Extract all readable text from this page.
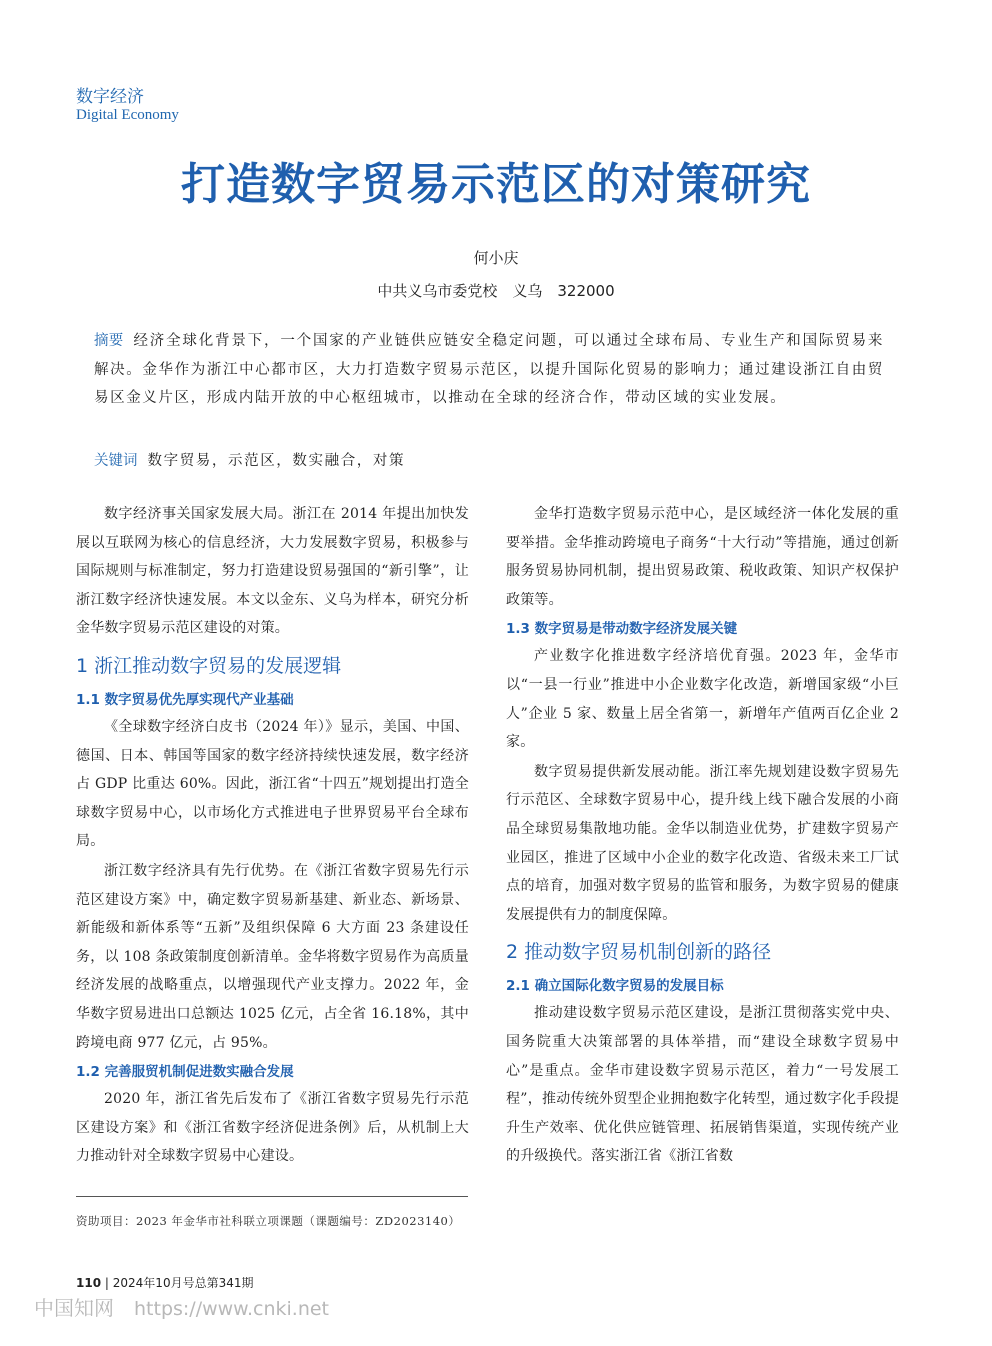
数字经济
Digital Economy
打造数字贸易示范区的对策研究
何小庆
中共义乌市委党校　义乌　322000
摘要 经济全球化背景下，一个国家的产业链供应链安全稳定问题，可以通过全球布局、专业生产和国际贸易来解决。金华作为浙江中心都市区，大力打造数字贸易示范区，以提升国际化贸易的影响力；通过建设浙江自由贸易区金义片区，形成内陆开放的中心枢纽城市，以推动在全球的经济合作，带动区域的实业发展。
关键词 数字贸易，示范区，数实融合，对策

数字经济事关国家发展大局。浙江在 2014 年提出加快发展以互联网为核心的信息经济，大力发展数字贸易，积极参与国际规则与标准制定，努力打造建设贸易强国的“新引擎”，让浙江数字经济快速发展。本文以金东、义乌为样本，研究分析金华数字贸易示范区建设的对策。

1 浙江推动数字贸易的发展逻辑
1.1 数字贸易优先厚实现代产业基础

《全球数字经济白皮书（2024 年）》显示，美国、中国、德国、日本、韩国等国家的数字经济持续快速发展，数字经济占 GDP 比重达 60%。因此，浙江省“十四五”规划提出打造全球数字贸易中心，以市场化方式推进电子世界贸易平台全球布局。

浙江数字经济具有先行优势。在《浙江省数字贸易先行示范区建设方案》中，确定数字贸易新基建、新业态、新场景、新能级和新体系等“五新”及组织保障 6 大方面 23 条建设任务，以 108 条政策制度创新清单。金华将数字贸易作为高质量经济发展的战略重点，以增强现代产业支撑力。2022 年，金华数字贸易进出口总额达 1025 亿元，占全省 16.18%，其中跨境电商 977 亿元，占 95%。

1.2 完善服贸机制促进数实融合发展

2020 年，浙江省先后发布了《浙江省数字贸易先行示范区建设方案》和《浙江省数字经济促进条例》后，从机制上大力推动针对全球数字贸易中心建设。

金华打造数字贸易示范中心，是区域经济一体化发展的重要举措。金华推动跨境电子商务“十大行动”等措施，通过创新服务贸易协同机制，提出贸易政策、税收政策、知识产权保护政策等。

1.3 数字贸易是带动数字经济发展关键

产业数字化推进数字经济培优育强。2023 年，金华市以“一县一行业”推进中小企业数字化改造，新增国家级“小巨人”企业 5 家、数量上居全省第一，新增年产值两百亿企业 2 家。

数字贸易提供新发展动能。浙江率先规划建设数字贸易先行示范区、全球数字贸易中心，提升线上线下融合发展的小商品全球贸易集散地功能。金华以制造业优势，扩建数字贸易产业园区，推进了区域中小企业的数字化改造、省级未来工厂试点的培育，加强对数字贸易的监管和服务，为数字贸易的健康发展提供有力的制度保障。

2 推动数字贸易机制创新的路径
2.1 确立国际化数字贸易的发展目标

推动建设数字贸易示范区建设，是浙江贯彻落实党中央、国务院重大决策部署的具体举措，而“建设全球数字贸易中心”是重点。金华市建设数字贸易示范区，着力“一号发展工程”，推动传统外贸型企业拥抱数字化转型，通过数字化手段提升生产效率、优化供应链管理、拓展销售渠道，实现传统产业的升级换代。落实浙江省《浙江省数

资助项目：2023 年金华市社科联立项课题（课题编号：ZD2023140）
110 | 2024年10月号总第341期
中国知网 https://www.cnki.net
